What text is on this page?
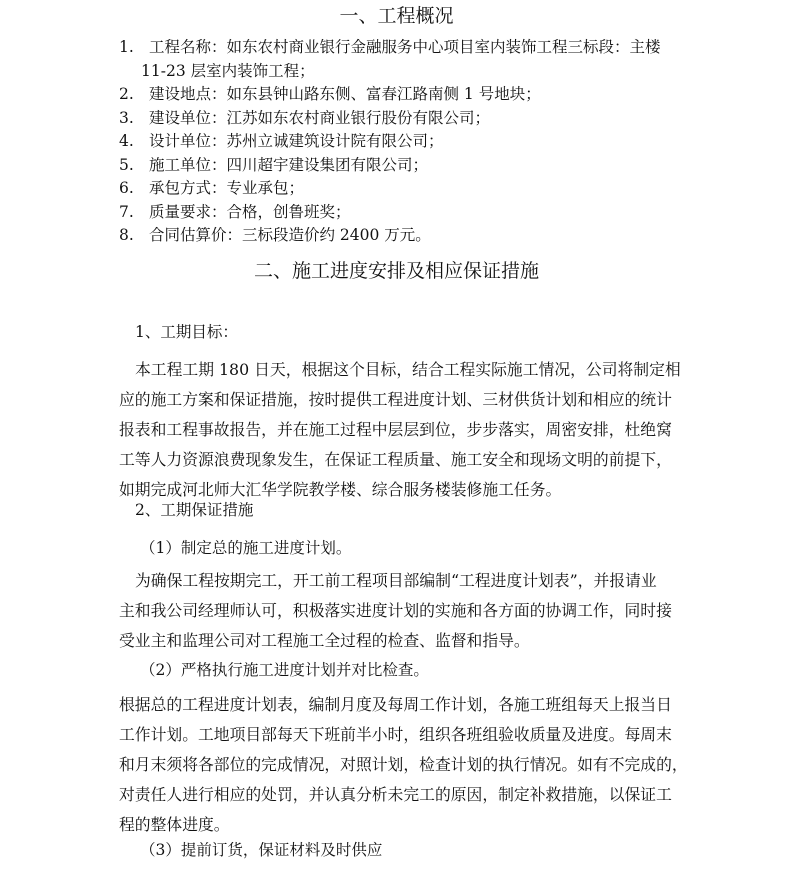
一、工程概况
1. 工程名称：如东农村商业银行金融服务中心项目室内装饰工程三标段：主楼
11-23 层室内装饰工程；
2. 建设地点：如东县钟山路东侧、富春江路南侧 1 号地块；
3. 建设单位：江苏如东农村商业银行股份有限公司；
4. 设计单位：苏州立诚建筑设计院有限公司；
5. 施工单位：四川超宇建设集团有限公司；
6. 承包方式：专业承包；
7. 质量要求：合格，创鲁班奖；
8. 合同估算价：三标段造价约 2400 万元。
二、施工进度安排及相应保证措施
1、工期目标：
本工程工期 180 日天，根据这个目标，结合工程实际施工情况，公司将制定相
应的施工方案和保证措施，按时提供工程进度计划、三材供货计划和相应的统计
报表和工程事故报告，并在施工过程中层层到位，步步落实，周密安排，杜绝窝
工等人力资源浪费现象发生，在保证工程质量、施工安全和现场文明的前提下，
如期完成河北师大汇华学院教学楼、综合服务楼装修施工任务。
2、工期保证措施
（1）制定总的施工进度计划。
为确保工程按期完工，开工前工程项目部编制“工程进度计划表”，并报请业
主和我公司经理师认可，积极落实进度计划的实施和各方面的协调工作，同时接
受业主和监理公司对工程施工全过程的检查、监督和指导。
（2）严格执行施工进度计划并对比检查。
根据总的工程进度计划表，编制月度及每周工作计划，各施工班组每天上报当日
工作计划。工地项目部每天下班前半小时，组织各班组验收质量及进度。每周末
和月末须将各部位的完成情况，对照计划，检查计划的执行情况。如有不完成的，
对责任人进行相应的处罚，并认真分析未完工的原因，制定补救措施，以保证工
程的整体进度。
（3）提前订货，保证材料及时供应
